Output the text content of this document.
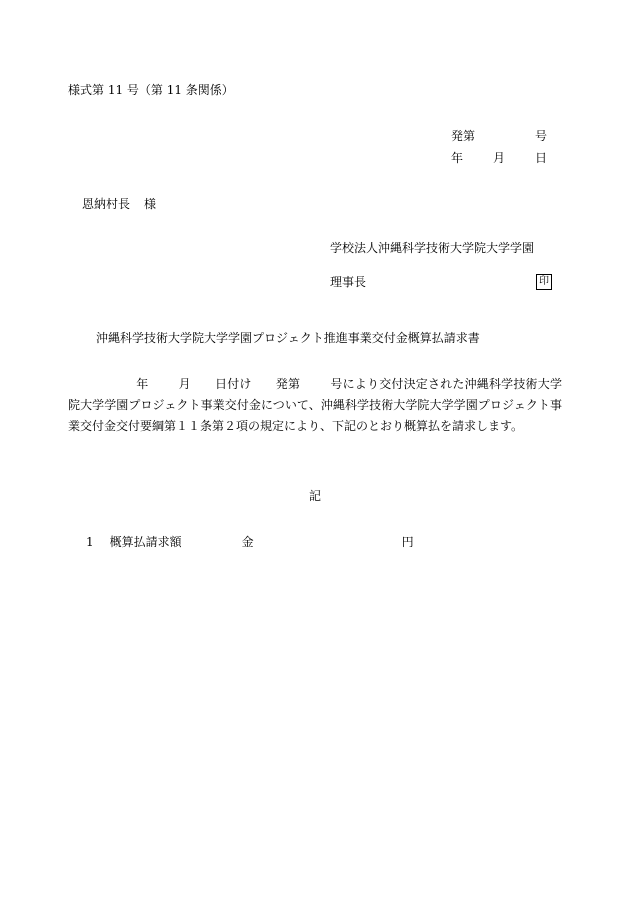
様式第 11 号（第 11 条関係）
発第	号
年	月	日
恩納村長 様
学校法人沖縄科学技術大学院大学学園
理事長	印
沖縄科学技術大学院大学学園プロジェクト推進事業交付金概算払請求書
年	月 日付け 発第	号により交付決定された沖縄科学技術大学院大学学園プロジェクト事業交付金について、沖縄科学技術大学院大学学園プロジェクト事業交付金交付要綱第１１条第２項の規定により、下記のとおり概算払を請求します。
記
1 概算払請求額	金	円
